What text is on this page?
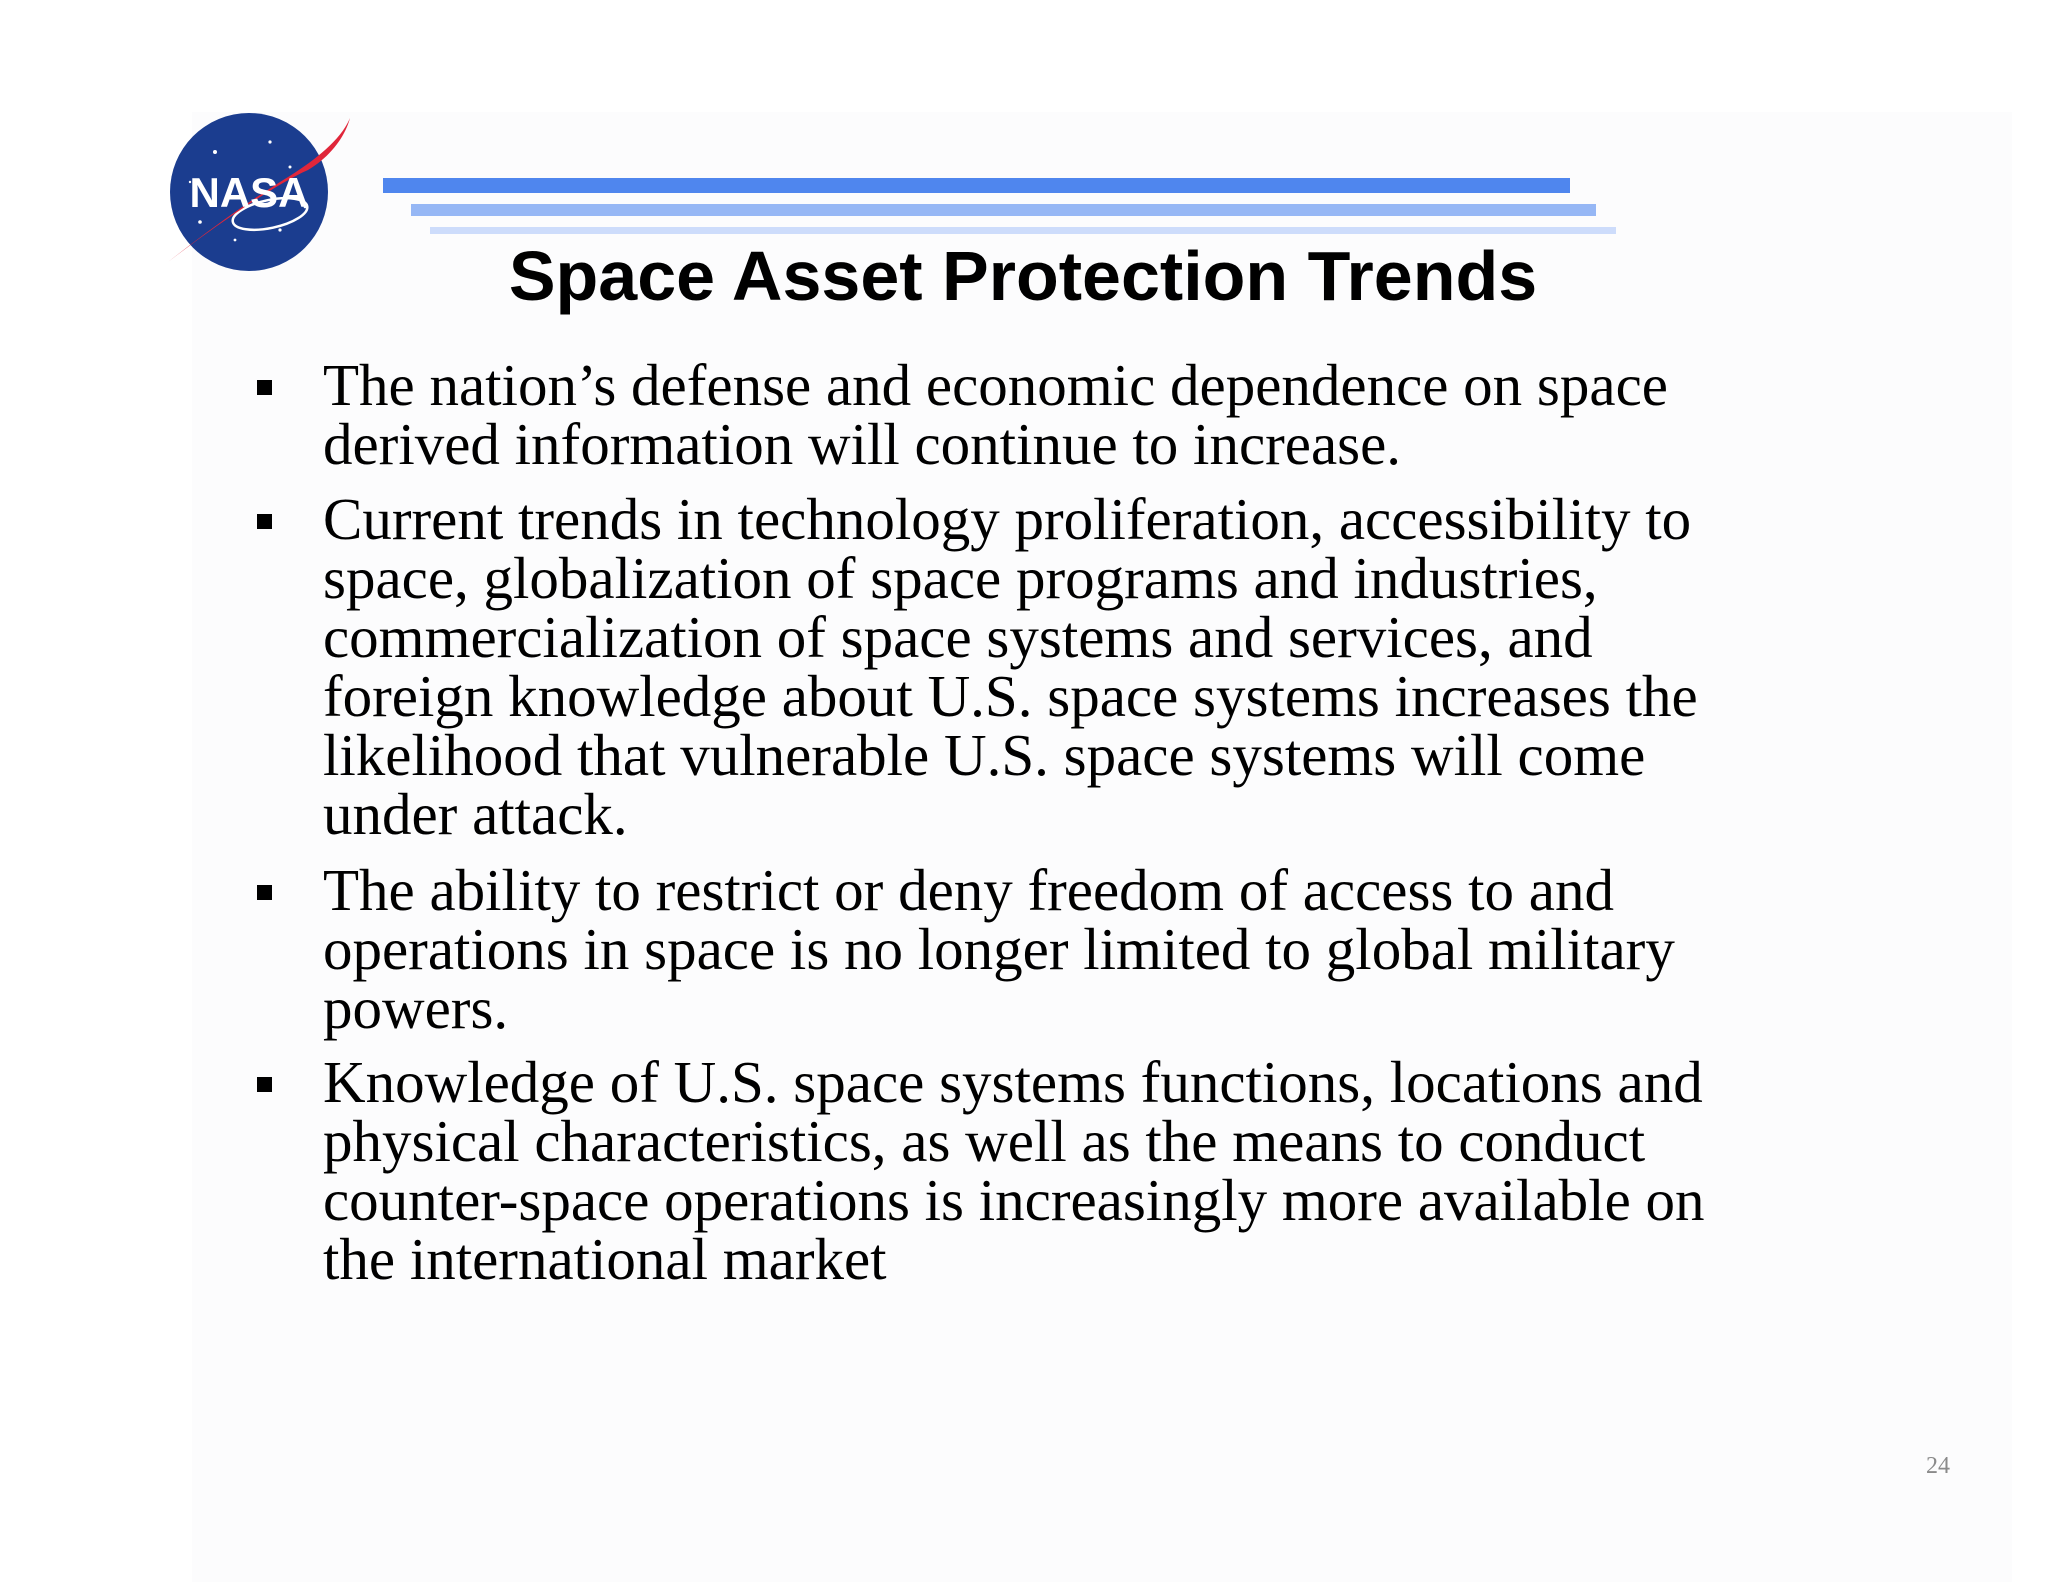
NASA
Space Asset Protection Trends
The nation’s defense and economic dependence on space
derived information will continue to increase.
Current trends in technology proliferation, accessibility to
space, globalization of space programs and industries,
commercialization of space systems and services, and
foreign knowledge about U.S. space systems increases the
likelihood that vulnerable U.S. space systems will come
under attack.
The ability to restrict or deny freedom of access to and
operations in space is no longer limited to global military
powers.
Knowledge of U.S. space systems functions, locations and
physical characteristics, as well as the means to conduct
counter-space operations is increasingly more available on
the international market
24
